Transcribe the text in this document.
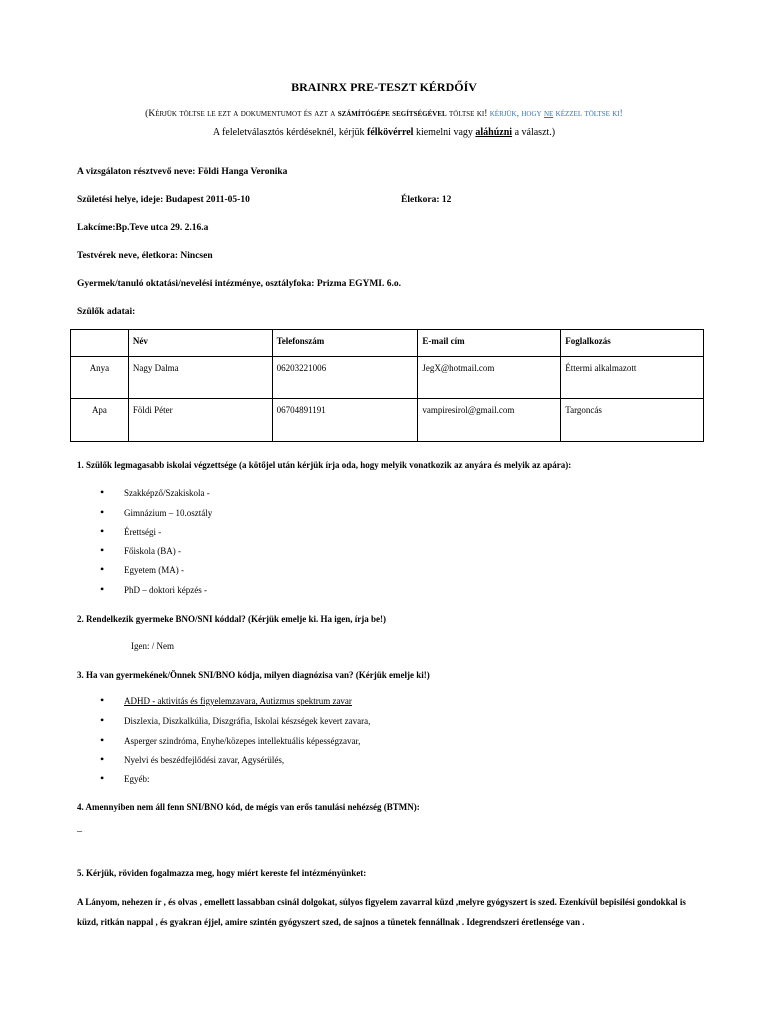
BRAINRX PRE-TESZT KÉRDŐÍV
(Kérjük töltse le ezt a dokumentumot és azt a számítógépe segítségével töltse ki! kérjük, hogy ne kézzel töltse ki!
A feleletválasztós kérdéseknél, kérjük félkövérrel kiemelni vagy aláhúzni a választ.)
A vizsgálaton résztvevő neve: Földi Hanga Veronika
Születési helye, ideje: Budapest 2011-05-10	Életkora: 12
Lakcíme:Bp.Teve utca 29. 2.16.a
Testvérek neve, életkora: Nincsen
Gyermek/tanuló oktatási/nevelési intézménye, osztályfoka: Prizma EGYMI. 6.o.
Szülők adatai:
	Név	Telefonszám	E-mail cím	Foglalkozás
Anya	Nagy Dalma	06203221006	JegX@hotmail.com	Éttermi alkalmazott
Apa	Földi Péter	06704891191	vampiresirol@gmail.com	Targoncás
1. Szülők legmagasabb iskolai végzettsége (a kötőjel után kérjük írja oda, hogy melyik vonatkozik az anyára és melyik az apára):
• Szakképző/Szakiskola -
• Gimnázium – 10.osztály
• Érettségi -
• Főiskola (BA) -
• Egyetem (MA) -
• PhD – doktori képzés -
2. Rendelkezik gyermeke BNO/SNI kóddal? (Kérjük emelje ki. Ha igen, írja be!)
Igen: / Nem
3. Ha van gyermekének/Önnek SNI/BNO kódja, milyen diagnózisa van? (Kérjük emelje ki!)
• ADHD - aktivitás és figyelemzavara, Autizmus spektrum zavar
• Diszlexia, Diszkalkúlia, Diszgráfia, Iskolai készségek kevert zavara,
• Asperger szindróma, Enyhe/közepes intellektuális képességzavar,
• Nyelvi és beszédfejlődési zavar, Agysérülés,
• Egyéb:
4. Amennyiben nem áll fenn SNI/BNO kód, de mégis van erős tanulási nehézség (BTMN):
–
5. Kérjük, röviden fogalmazza meg, hogy miért kereste fel intézményünket:
A Lányom, nehezen ír , és olvas , emellett lassabban csinál dolgokat, súlyos figyelem zavarral küzd ,melyre gyógyszert is szed. Ezenkívül bepisilési gondokkal is küzd, ritkán nappal , és gyakran éjjel, amire szintén gyógyszert szed, de sajnos a tünetek fennállnak . Idegrendszeri éretlensége van .
